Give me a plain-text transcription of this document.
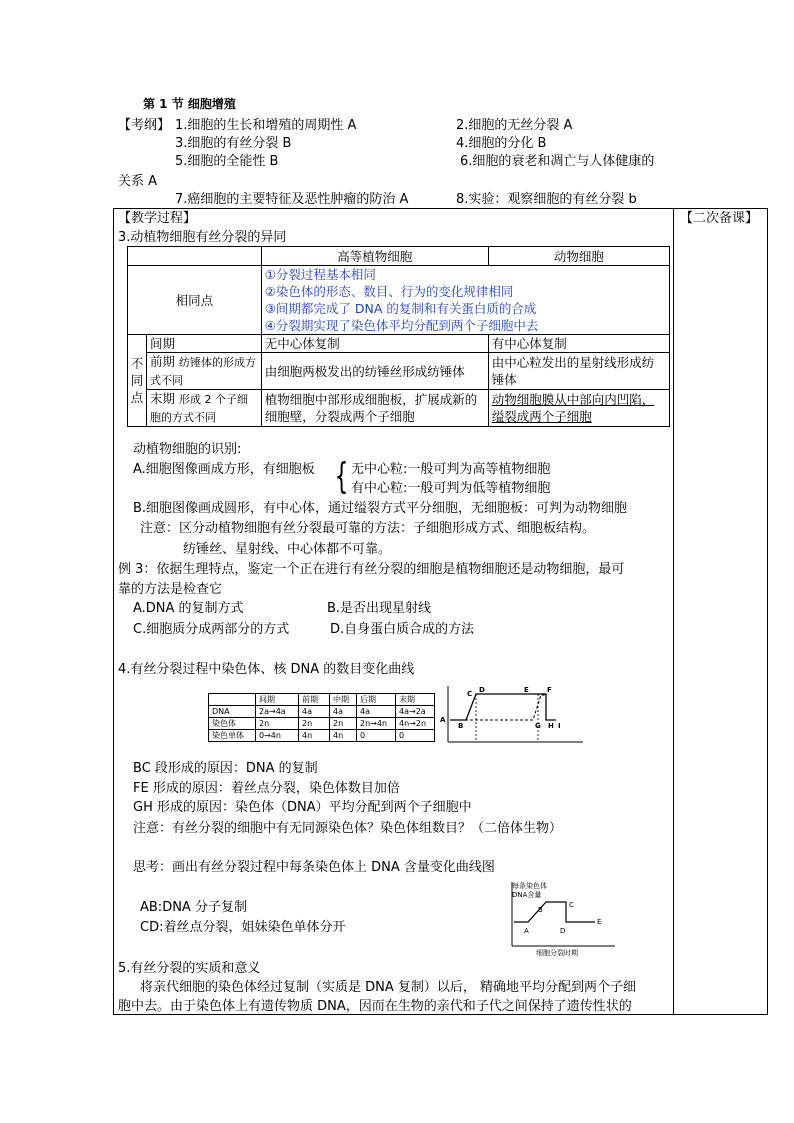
第 1 节 细胞增殖
【考纲】 1.细胞的生长和增殖的周期性 A	2.细胞的无丝分裂 A
3.细胞的有丝分裂 B	4.细胞的分化 B
5.细胞的全能性 B	6.细胞的衰老和凋亡与人体健康的
关系 A
7.癌细胞的主要特征及恶性肿瘤的防治 A	8.实验：观察细胞的有丝分裂 b
【教学过程】	【二次备课】
3.动植物细胞有丝分裂的异同
		高等植物细胞	动物细胞
相同点		①分裂过程基本相同
②染色体的形态、数目、行为的变化规律相同
③间期都完成了 DNA 的复制和有关蛋白质的合成
④分裂期实现了染色体平均分配到两个子细胞中去	

不
同
点	间期	无中心体复制	有中心体复制
	前期 纺锤体的形成方式不同	由细胞两极发出的纺锤丝形成纺锤体	由中心粒发出的星射线形成纺锤体
	末期 形成 2 个子细胞的方式不同	植物细胞中部形成细胞板，扩展成新的细胞壁，分裂成两个子细胞	动物细胞膜从中部向内凹陷，缢裂成两个子细胞
动植物细胞的识别:
A.细胞图像画成方形，有细胞板 { 无中心粒:一般可判为高等植物细胞
有中心粒:一般可判为低等植物细胞
B.细胞图像画成圆形，有中心体，通过缢裂方式平分细胞，无细胞板：可判为动物细胞
注意：区分动植物细胞有丝分裂最可靠的方法：子细胞形成方式、细胞板结构。
纺锤丝、星射线、中心体都不可靠。
例 3：依据生理特点，鉴定一个正在进行有丝分裂的细胞是植物细胞还是动物细胞，最可
靠的方法是检查它
A.DNA 的复制方式	B.是否出现星射线
C.细胞质分成两部分的方式	D.自身蛋白质合成的方法
4.有丝分裂过程中染色体、核 DNA 的数目变化曲线
	间期	前期	中期	后期	末期
DNA	2a→4a	4a	4a	4a	4a→2a
染色体	2n	2n	2n	2n→4n	4n→2n
染色单体	0→4n	4n	4n	0	0
A
B
C D	E	F
G H I
BC 段形成的原因：DNA 的复制
FE 形成的原因：着丝点分裂，染色体数目加倍
GH 形成的原因：染色体（DNA）平均分配到两个子细胞中
注意：有丝分裂的细胞中有无同源染色体？染色体组数目？（二倍体生物）
思考：画出有丝分裂过程中每条染色体上 DNA 含量变化曲线图
AB:DNA 分子复制
CD:着丝点分裂，姐妹染色单体分开
每条染色体
DNA含量
A
B
C
D
E
细胞分裂时期
5.有丝分裂的实质和意义
将亲代细胞的染色体经过复制（实质是 DNA 复制）以后， 精确地平均分配到两个子细
胞中去。由于染色体上有遗传物质 DNA，因而在生物的亲代和子代之间保持了遗传性状的
